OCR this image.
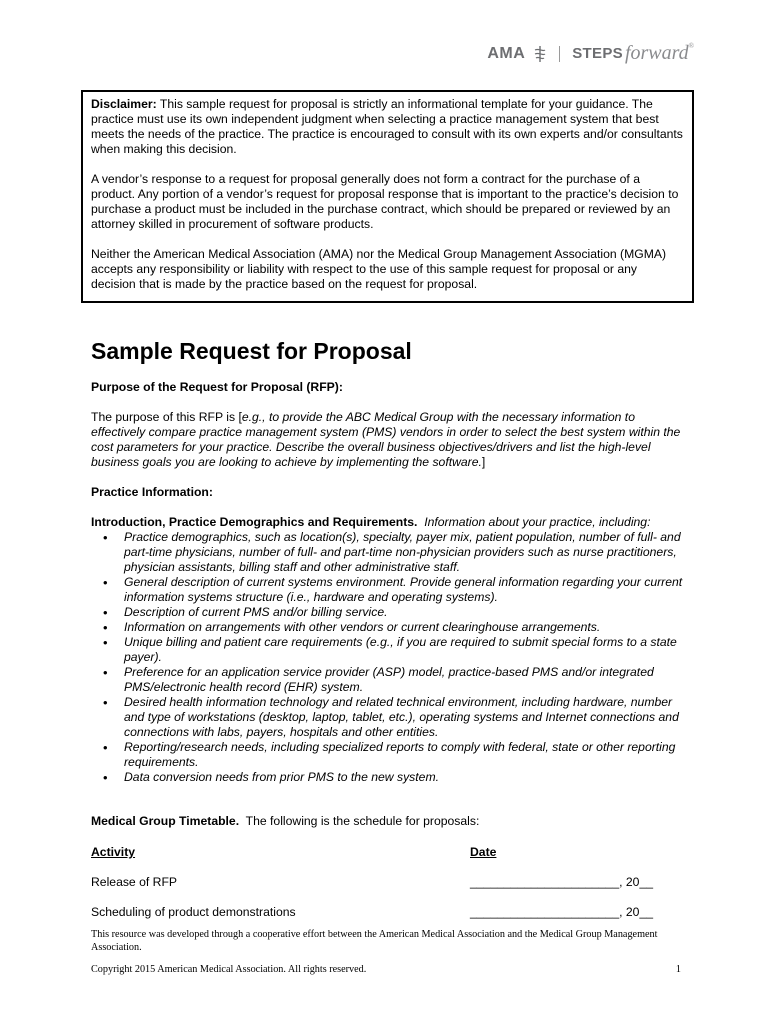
AMA	STEPS forward®

Disclaimer: This sample request for proposal is strictly an informational template for your guidance. The practice must use its own independent judgment when selecting a practice management system that best meets the needs of the practice. The practice is encouraged to consult with its own experts and/or consultants when making this decision.

A vendor’s response to a request for proposal generally does not form a contract for the purchase of a product. Any portion of a vendor’s request for proposal response that is important to the practice’s decision to purchase a product must be included in the purchase contract, which should be prepared or reviewed by an attorney skilled in procurement of software products.

Neither the American Medical Association (AMA) nor the Medical Group Management Association (MGMA) accepts any responsibility or liability with respect to the use of this sample request for proposal or any decision that is made by the practice based on the request for proposal.

Sample Request for Proposal

Purpose of the Request for Proposal (RFP):

The purpose of this RFP is [e.g., to provide the ABC Medical Group with the necessary information to effectively compare practice management system (PMS) vendors in order to select the best system within the cost parameters for your practice. Describe the overall business objectives/drivers and list the high-level business goals you are looking to achieve by implementing the software.]

Practice Information:

Introduction, Practice Demographics and Requirements.  Information about your practice, including:

• Practice demographics, such as location(s), specialty, payer mix, patient population, number of full- and part-time physicians, number of full- and part-time non-physician providers such as nurse practitioners, physician assistants, billing staff and other administrative staff.
• General description of current systems environment. Provide general information regarding your current information systems structure (i.e., hardware and operating systems).
• Description of current PMS and/or billing service.
• Information on arrangements with other vendors or current clearinghouse arrangements.
• Unique billing and patient care requirements (e.g., if you are required to submit special forms to a state payer).
• Preference for an application service provider (ASP) model, practice-based PMS and/or integrated PMS/electronic health record (EHR) system.
• Desired health information technology and related technical environment, including hardware, number and type of workstations (desktop, laptop, tablet, etc.), operating systems and Internet connections and connections with labs, payers, hospitals and other entities.
• Reporting/research needs, including specialized reports to comply with federal, state or other reporting requirements.
• Data conversion needs from prior PMS to the new system.
Medical Group Timetable.  The following is the schedule for proposals:
Activity	Date
Release of RFP	______________________, 20__
Scheduling of product demonstrations	______________________, 20__
This resource was developed through a cooperative effort between the American Medical Association and the Medical Group Management Association.
Copyright 2015 American Medical Association. All rights reserved.	1
